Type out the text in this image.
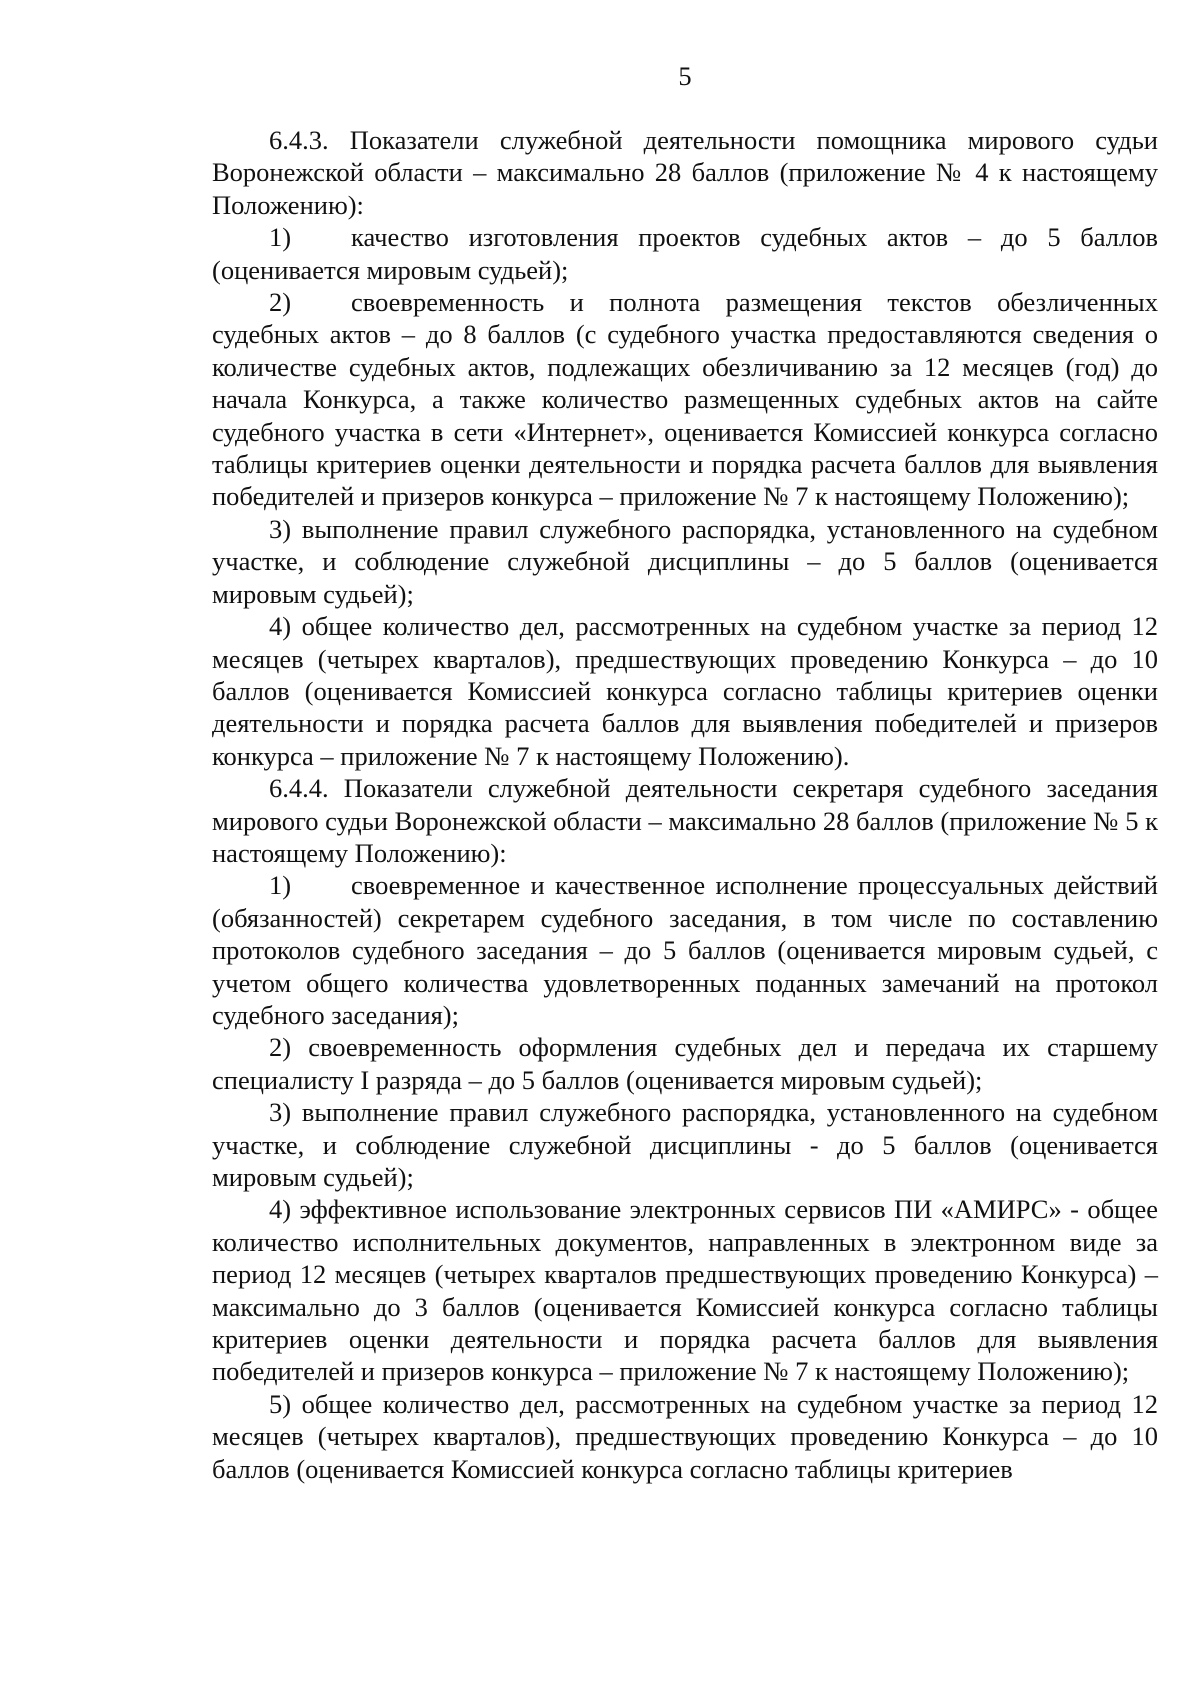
5

6.4.3. Показатели служебной деятельности помощника мирового судьи Воронежской области – максимально 28 баллов (приложение № 4 к настоящему Положению):

1) качество изготовления проектов судебных актов – до 5 баллов (оценивается мировым судьей);

2) своевременность и полнота размещения текстов обезличенных судебных актов – до 8 баллов (с судебного участка предоставляются сведения о количестве судебных актов, подлежащих обезличиванию за 12 месяцев (год) до начала Конкурса, а также количество размещенных судебных актов на сайте судебного участка в сети «Интернет», оценивается Комиссией конкурса согласно таблицы критериев оценки деятельности и порядка расчета баллов для выявления победителей и призеров конкурса – приложение № 7 к настоящему Положению);

3) выполнение правил служебного распорядка, установленного на судебном участке, и соблюдение служебной дисциплины – до 5 баллов (оценивается мировым судьей);

4) общее количество дел, рассмотренных на судебном участке за период 12 месяцев (четырех кварталов), предшествующих проведению Конкурса – до 10 баллов (оценивается Комиссией конкурса согласно таблицы критериев оценки деятельности и порядка расчета баллов для выявления победителей и призеров конкурса – приложение № 7 к настоящему Положению).

6.4.4. Показатели служебной деятельности секретаря судебного заседания мирового судьи Воронежской области – максимально 28 баллов (приложение № 5 к настоящему Положению):

1) своевременное и качественное исполнение процессуальных действий (обязанностей) секретарем судебного заседания, в том числе по составлению протоколов судебного заседания – до 5 баллов (оценивается мировым судьей, с учетом общего количества удовлетворенных поданных замечаний на протокол судебного заседания);

2) своевременность оформления судебных дел и передача их старшему специалисту I разряда – до 5 баллов (оценивается мировым судьей);

3) выполнение правил служебного распорядка, установленного на судебном участке, и соблюдение служебной дисциплины - до 5 баллов (оценивается мировым судьей);

4) эффективное использование электронных сервисов ПИ «АМИРС» - общее количество исполнительных документов, направленных в электронном виде за период 12 месяцев (четырех кварталов предшествующих проведению Конкурса) – максимально до 3 баллов (оценивается Комиссией конкурса согласно таблицы критериев оценки деятельности и порядка расчета баллов для выявления победителей и призеров конкурса – приложение № 7 к настоящему Положению);

5) общее количество дел, рассмотренных на судебном участке за период 12 месяцев (четырех кварталов), предшествующих проведению Конкурса – до 10 баллов (оценивается Комиссией конкурса согласно таблицы критериев
